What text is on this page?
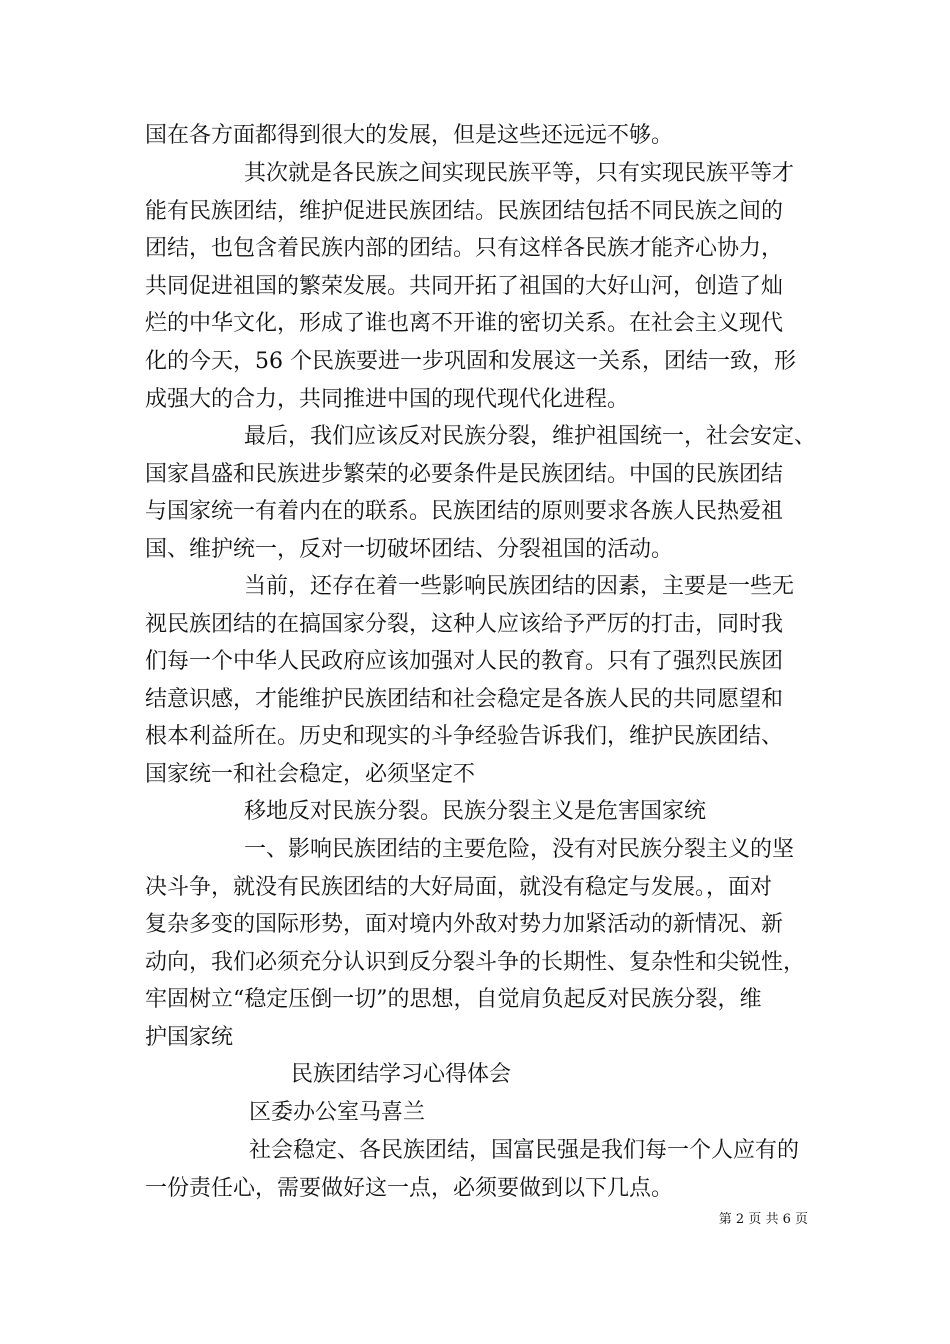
国在各方面都得到很大的发展，但是这些还远远不够。
其次就是各民族之间实现民族平等，只有实现民族平等才
能有民族团结，维护促进民族团结。民族团结包括不同民族之间的
团结，也包含着民族内部的团结。只有这样各民族才能齐心协力，
共同促进祖国的繁荣发展。共同开拓了祖国的大好山河，创造了灿
烂的中华文化，形成了谁也离不开谁的密切关系。在社会主义现代
化的今天，56 个民族要进一步巩固和发展这一关系，团结一致，形
成强大的合力，共同推进中国的现代现代化进程。
最后，我们应该反对民族分裂，维护祖国统一，社会安定、
国家昌盛和民族进步繁荣的必要条件是民族团结。中国的民族团结
与国家统一有着内在的联系。民族团结的原则要求各族人民热爱祖
国、维护统一，反对一切破坏团结、分裂祖国的活动。
当前，还存在着一些影响民族团结的因素，主要是一些无
视民族团结的在搞国家分裂，这种人应该给予严厉的打击，同时我
们每一个中华人民政府应该加强对人民的教育。只有了强烈民族团
结意识感，才能维护民族团结和社会稳定是各族人民的共同愿望和
根本利益所在。历史和现实的斗争经验告诉我们，维护民族团结、
国家统一和社会稳定，必须坚定不
移地反对民族分裂。民族分裂主义是危害国家统
一、影响民族团结的主要危险，没有对民族分裂主义的坚
决斗争，就没有民族团结的大好局面，就没有稳定与发展。，面对
复杂多变的国际形势，面对境内外敌对势力加紧活动的新情况、新
动向，我们必须充分认识到反分裂斗争的长期性、复杂性和尖锐性，
牢固树立“稳定压倒一切”的思想，自觉肩负起反对民族分裂，维
护国家统
民族团结学习心得体会
区委办公室马喜兰
社会稳定、各民族团结，国富民强是我们每一个人应有的
一份责任心，需要做好这一点，必须要做到以下几点。
第 2 页 共 6 页
